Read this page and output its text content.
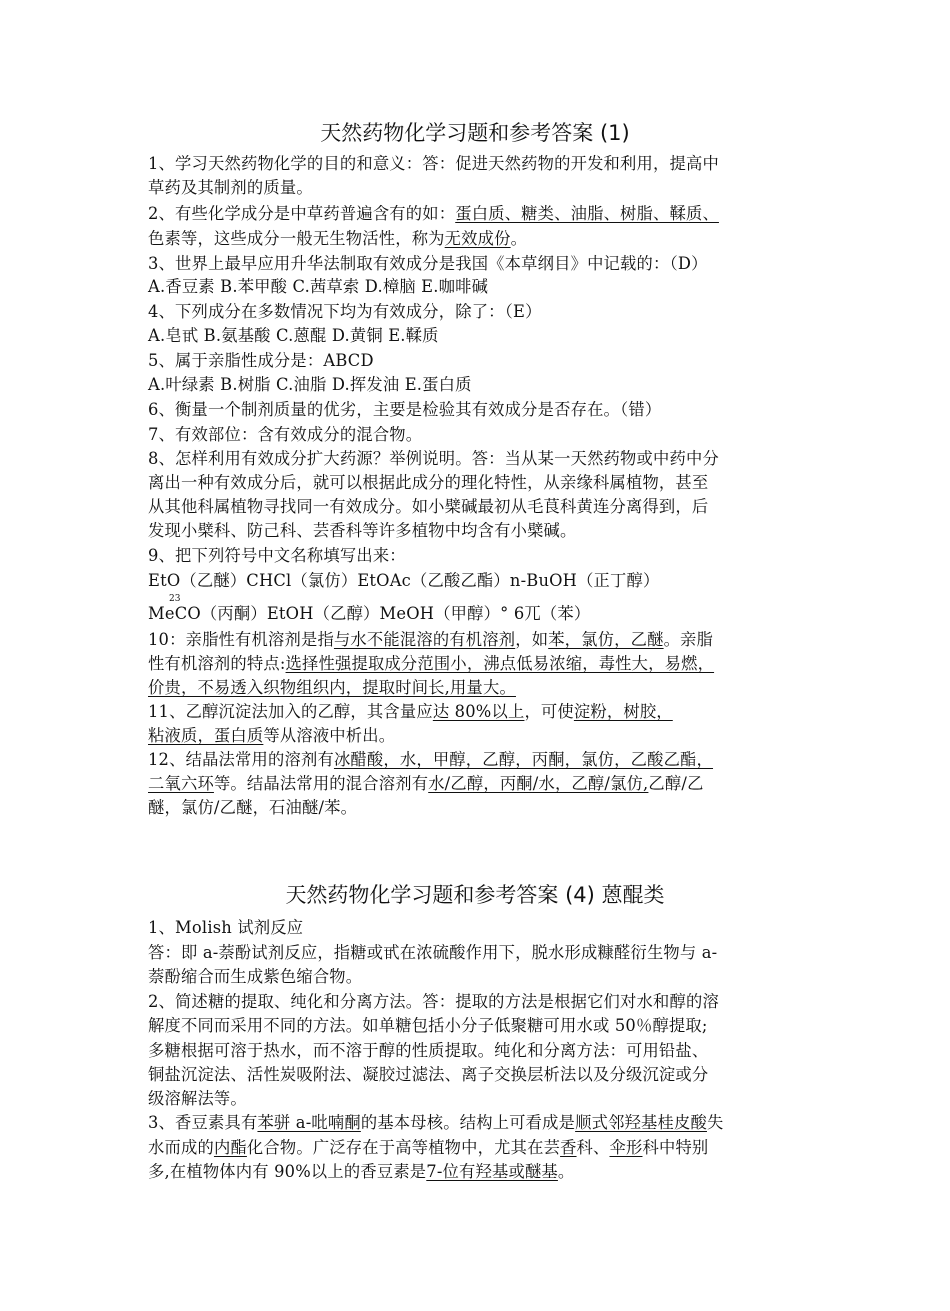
天然药物化学习题和参考答案 (1)
1、学习天然药物化学的目的和意义：答：促进天然药物的开发和利用，提高中
草药及其制剂的质量。
2、有些化学成分是中草药普遍含有的如：蛋白质、糖类、油脂、树脂、鞣质、
色素等，这些成分一般无生物活性，称为无效成份。
3、世界上最早应用升华法制取有效成分是我国《本草纲目》中记载的：（D）
A.香豆素 B.苯甲酸 C.茜草索 D.樟脑 E.咖啡碱
4、下列成分在多数情况下均为有效成分，除了：（E）
A.皂甙 B.氨基酸 C.蒽醌 D.黄铜 E.鞣质
5、属于亲脂性成分是：ABCD
A.叶绿素 B.树脂 C.油脂 D.挥发油 E.蛋白质
6、衡量一个制剂质量的优劣，主要是检验其有效成分是否存在。（错）
7、有效部位：含有效成分的混合物。
8、怎样利用有效成分扩大药源？举例说明。答：当从某一天然药物或中药中分
离出一种有效成分后，就可以根据此成分的理化特性，从亲缘科属植物，甚至
从其他科属植物寻找同一有效成分。如小檗碱最初从毛茛科黄连分离得到，后
发现小檗科、防己科、芸香科等许多植物中均含有小檗碱。
9、把下列符号中文名称填写出来：
EtO（乙醚）CHCl（氯仿）EtOAc（乙酸乙酯）n-BuOH（正丁醇）
MeCO（丙酮）EtOH（乙醇）MeOH（甲醇）° 6兀（苯）
10：亲脂性有机溶剂是指与水不能混溶的有机溶剂，如苯，氯仿，乙醚。亲脂
性有机溶剂的特点:选择性强提取成分范围小，沸点低易浓缩，毒性大，易燃，
价贵，不易透入织物组织内，提取时间长,用量大。
11、乙醇沉淀法加入的乙醇，其含量应达 80%以上，可使淀粉，树胶，
粘液质，蛋白质等从溶液中析出。
12、结晶法常用的溶剂有冰醋酸，水，甲醇，乙醇，丙酮，氯仿，乙酸乙酯，
二氧六环等。结晶法常用的混合溶剂有水/乙醇，丙酮/水，乙醇/氯仿,乙醇/乙
醚，氯仿/乙醚，石油醚/苯。
23
天然药物化学习题和参考答案 (4) 蒽醌类
1、Molish 试剂反应
答：即 a-萘酚试剂反应，指糖或甙在浓硫酸作用下，脱水形成糠醛衍生物与 a-
萘酚缩合而生成紫色缩合物。
2、简述糖的提取、纯化和分离方法。答：提取的方法是根据它们对水和醇的溶
解度不同而采用不同的方法。如单糖包括小分子低聚糖可用水或 50％醇提取;
多糖根据可溶于热水，而不溶于醇的性质提取。纯化和分离方法：可用铅盐、
铜盐沉淀法、活性炭吸附法、凝胶过滤法、离子交换层析法以及分级沉淀或分
级溶解法等。
3、香豆素具有苯骈 a-吡喃酮的基本母核。结构上可看成是顺式邻羟基桂皮酸失
水而成的内酯化合物。广泛存在于高等植物中，尤其在芸香科、伞形科中特别
多,在植物体内有 90%以上的香豆素是7-位有羟基或醚基。
